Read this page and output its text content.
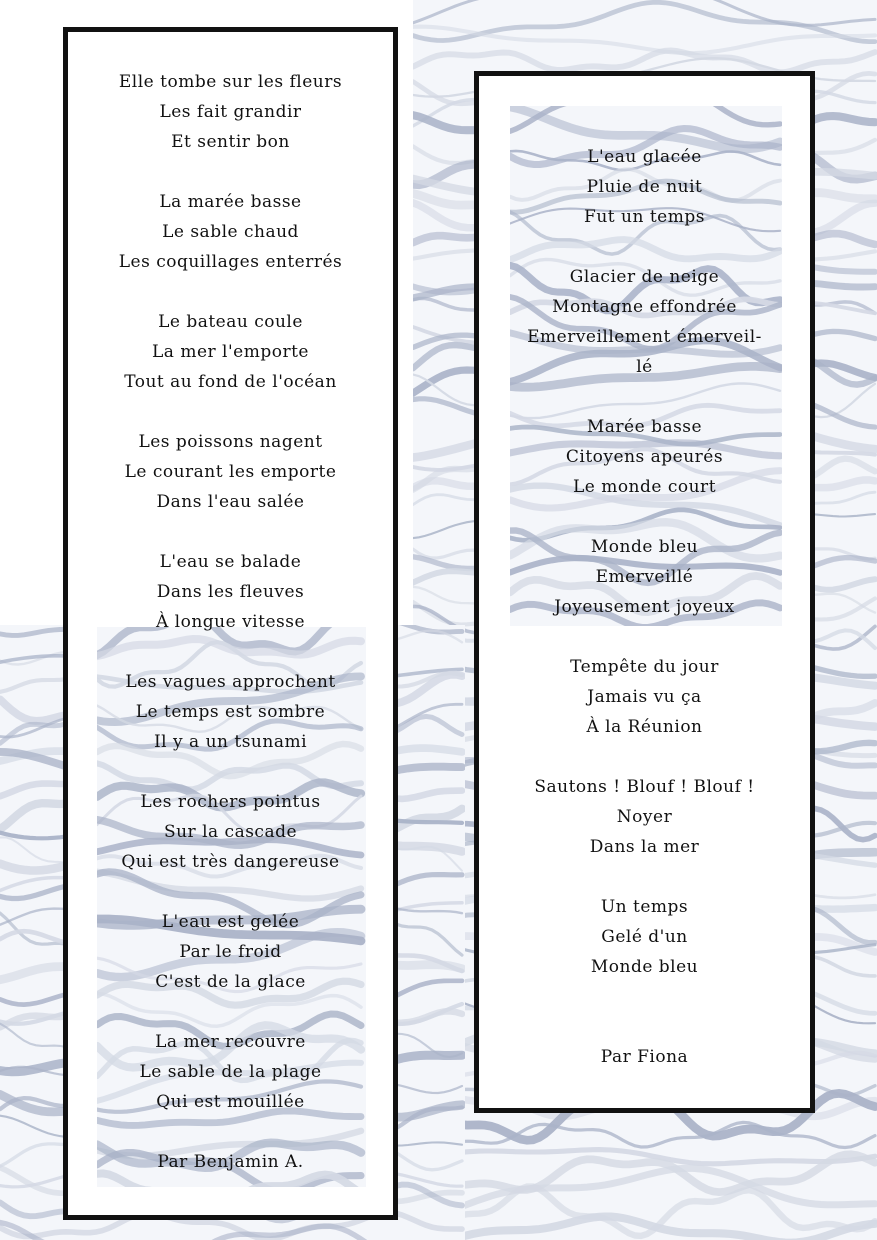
Elle tombe sur les fleurs
Les fait grandir
Et sentir bon
La marée basse
Le sable chaud
Les coquillages enterrés
Le bateau coule
La mer l'emporte
Tout au fond de l'océan
Les poissons nagent
Le courant les emporte
Dans l'eau salée
L'eau se balade
Dans les fleuves
À longue vitesse
Les vagues approchent
Le temps est sombre
Il y a un tsunami
Les rochers pointus
Sur la cascade
Qui est très dangereuse
L'eau est gelée
Par le froid
C'est de la glace
La mer recouvre
Le sable de la plage
Qui est mouillée
Par Benjamin A.
L'eau glacée
Pluie de nuit
Fut un temps
Glacier de neige
Montagne effondrée
Emerveillement émerveil-
lé
Marée basse
Citoyens apeurés
Le monde court
Monde bleu
Emerveillé
Joyeusement joyeux
Tempête du jour
Jamais vu ça
À la Réunion
Sautons ! Blouf ! Blouf !
Noyer
Dans la mer
Un temps
Gelé d'un
Monde bleu
Par Fiona
